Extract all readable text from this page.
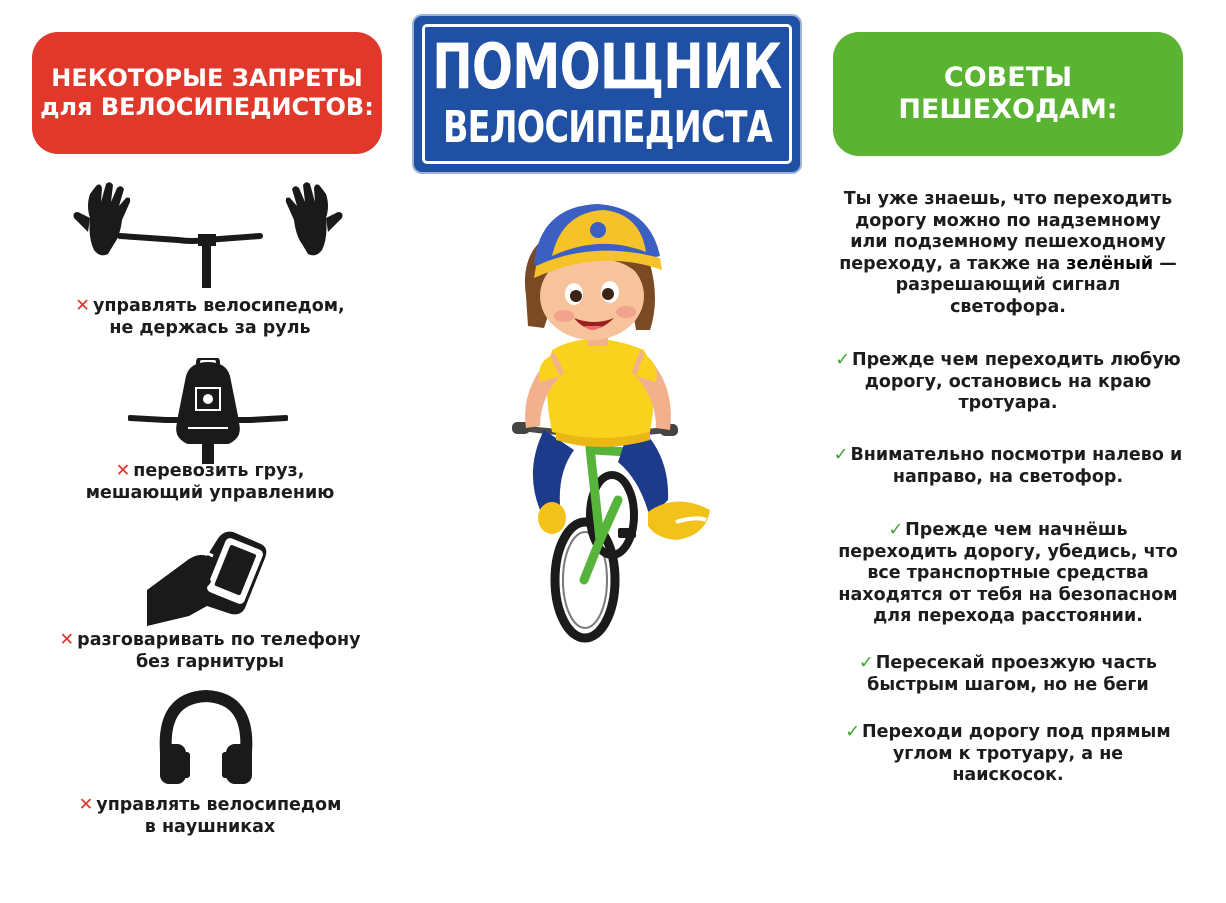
НЕКОТОРЫЕ ЗАПРЕТЫ
для ВЕЛОСИПЕДИСТОВ:
ПОМОЩНИК
ВЕЛОСИПЕДИСТА
СОВЕТЫ
ПЕШЕХОДАМ:
✕ управлять велосипедом,
не держась за руль
✕ перевозить груз,
мешающий управлению
✕ разговаривать по телефону
без гарнитуры
✕ управлять велосипедом
в наушниках
Ты уже знаешь, что переходить
дорогу можно по надземному
или подземному пешеходному
переходу, а также на зелёный —
разрешающий сигнал
светофора.
✓ Прежде чем переходить любую
дорогу, остановись на краю
тротуара.
✓ Внимательно посмотри налево и
направо, на светофор.
✓ Прежде чем начнёшь
переходить дорогу, убедись, что
все транспортные средства
находятся от тебя на безопасном
для перехода расстоянии.
✓ Пересекай проезжую часть
быстрым шагом, но не беги
✓ Переходи дорогу под прямым
углом к тротуару, а не
наискосок.
